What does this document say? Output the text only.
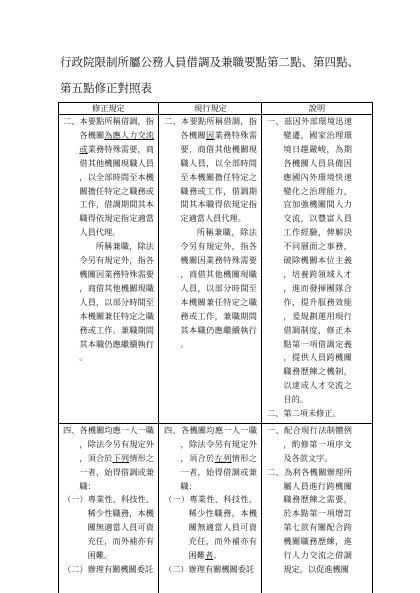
行政院限制所屬公務人員借調及兼職要點第二點、第四點、
第五點修正對照表
修正規定	現行規定	說明

二、本要點所稱借調，指各機關為應人力交流或業務特殊需要，商借其他機關現職人員，以全部時間至本機關擔任特定之職務或工作，借調期間其本職得依規定指定適當人員代理。

所稱兼職，除法令另有規定外，指各機關因業務特殊需要，商借其他機關現職人員，以部分時間至本機關兼任特定之職務或工作。兼職期間其本職仍應繼續執行。

二、本要點所稱借調，指各機關因業務特殊需要，商借其他機關現職人員，以全部時間至本機關擔任特定之職務或工作，借調期間其本職得依規定指定適當人員代理。

所稱兼職，除法令另有規定外，指各機關因業務特殊需要，商借其他機關現職人員，以部分時間至本機關兼任特定之職務或工作，兼職期間其本職仍應繼續執行。

一、茲因外部環境迅速變遷，國家治理環境日趨嚴峻，為期各機關人員具備因應國內外環境快速變化之治理能力，宜加強機關間人力交流，以豐富人員工作經驗，俾解決不同層面之事務，破除機關本位主義，培養跨領域人才，進而發揮團隊合作，提升服務效能，爰規劃運用現行借調制度，修正本點第一項借調定義，提供人員跨機關職務歷練之機制，以達成人才交流之目的。

二、第二項未修正。

四、各機關均應一人一職，除法令另有規定外，須合於下列情形之一者，始得借調或兼職：

（一）專業性、科技性、稀少性職務，本機關無適當人員可資充任，而外補亦有困難。

（二）辦理有關機關委託

四、各機關均應一人一職，除法令另有規定外，須合於左列情形之一者，始得借調或兼職：

（一）專業性、科技性、稀少性職務，本機關無適當人員可資充任，而外補亦有困難者。

（二）辦理有關機關委託

一、配合現行法制體例，酌修第一項序文及各款文字。

二、為利各機關辦理所屬人員進行跨機關職務歷練之需要，於本點第一項增訂第七款有關配合跨機關職務歷練，進行人力交流之借調規定，以促進機關
